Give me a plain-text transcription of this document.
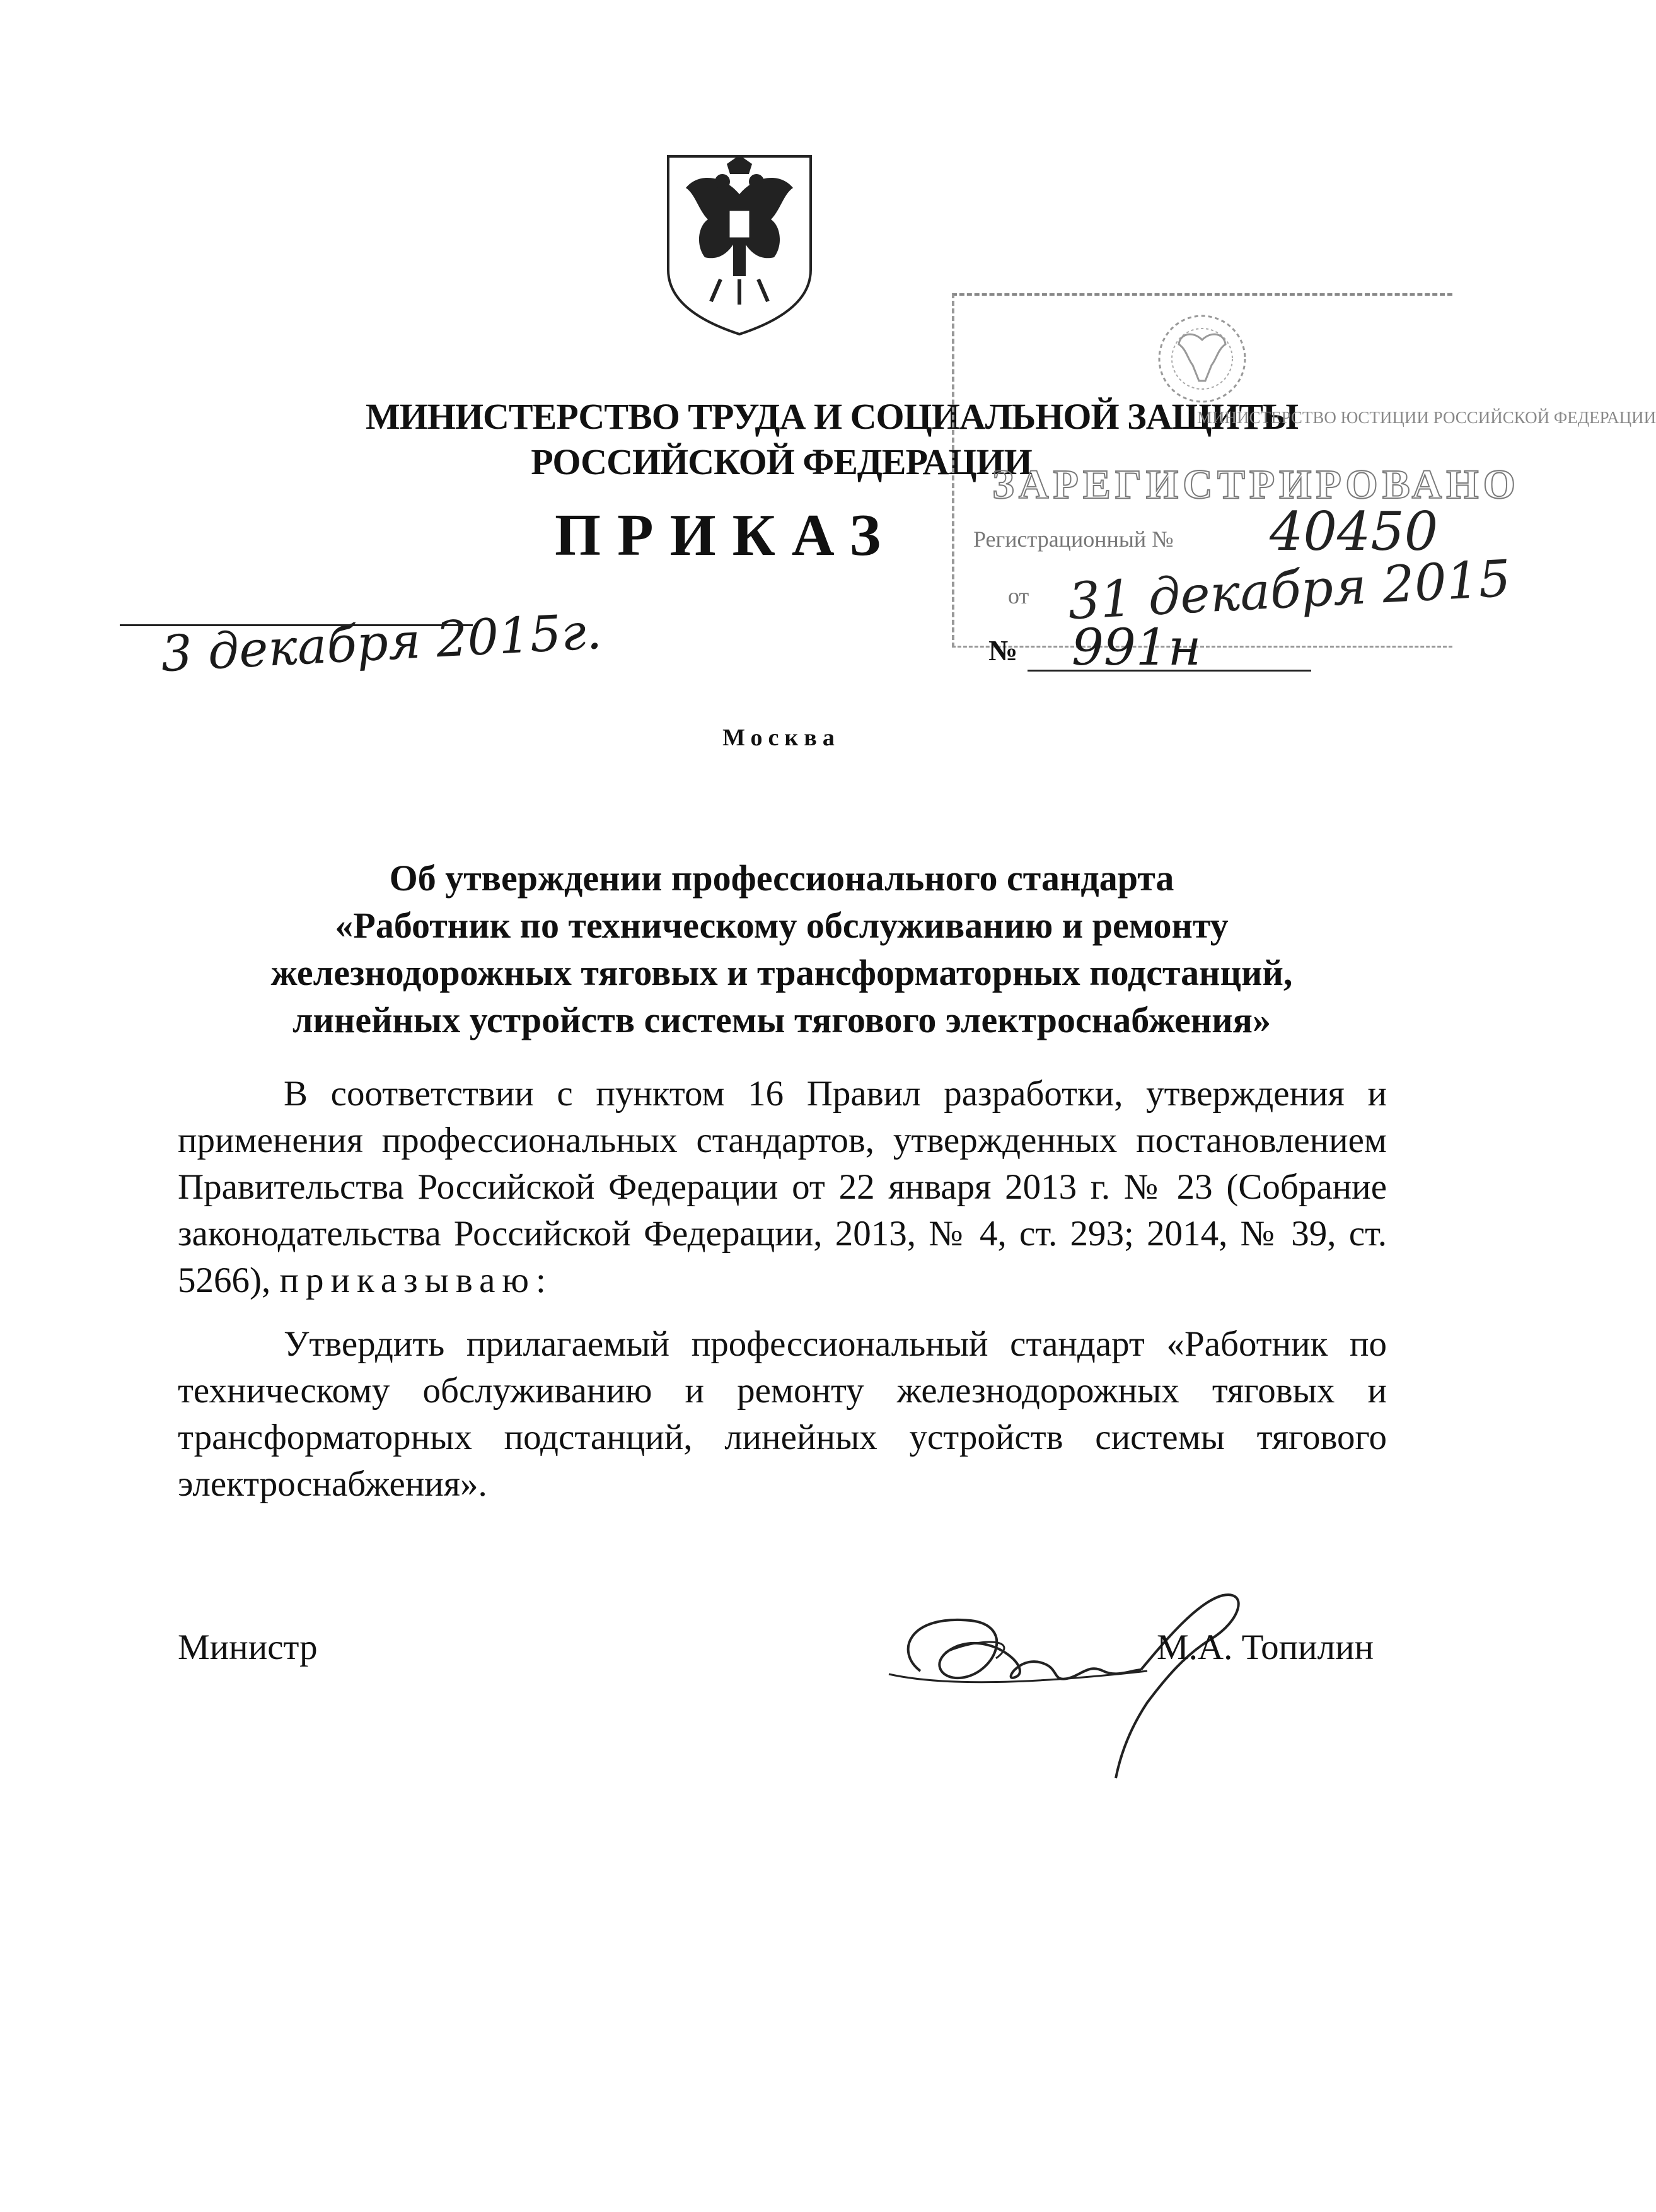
МИНИСТЕРСТВО ТРУДА И СОЦИАЛЬНОЙ ЗАЩИТЫ
РОССИЙСКОЙ ФЕДЕРАЦИИ
ПРИКАЗ
МИНИСТЕРСТВО ЮСТИЦИИ РОССИЙСКОЙ ФЕДЕРАЦИИ
ЗАРЕГИСТРИРОВАНО
Регистрационный № 40450
от 31 декабря 2015
3 декабря 2015г.	№ 991н
Москва
Об утверждении профессионального стандарта
«Работник по техническому обслуживанию и ремонту
железнодорожных тяговых и трансформаторных подстанций,
линейных устройств системы тягового электроснабжения»
В соответствии с пунктом 16 Правил разработки, утверждения и применения профессиональных стандартов, утвержденных постановлением Правительства Российской Федерации от 22 января 2013 г. № 23 (Собрание законодательства Российской Федерации, 2013, № 4, ст. 293; 2014, № 39, ст. 5266), приказываю:
Утвердить прилагаемый профессиональный стандарт «Работник по техническому обслуживанию и ремонту железнодорожных тяговых и трансформаторных подстанций, линейных устройств системы тягового электроснабжения».
Министр	М.А. Топилин
